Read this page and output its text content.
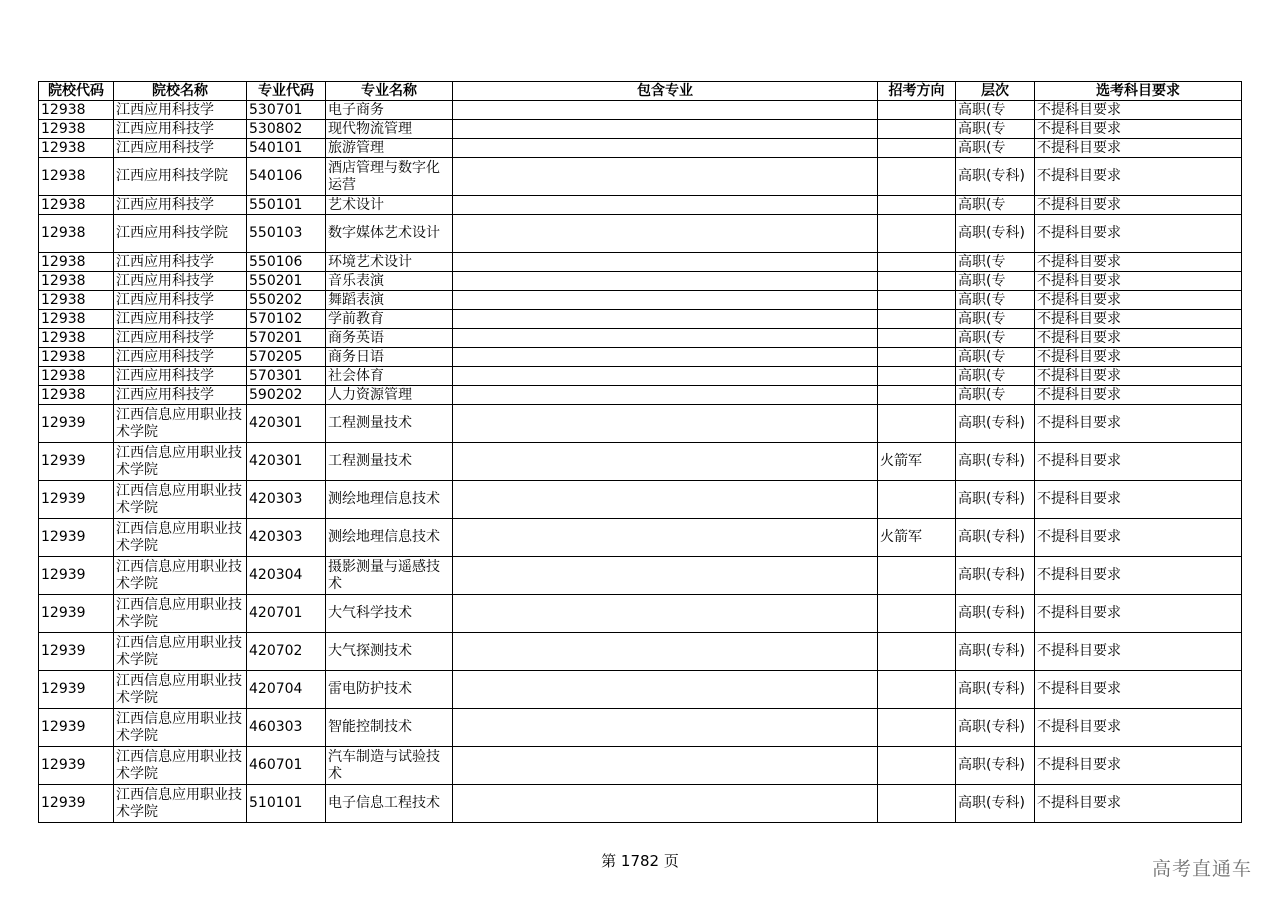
院校代码	院校名称	专业代码	专业名称	包含专业	招考方向	层次	选考科目要求
12938	江西应用科技学	530701	电子商务			高职(专	不提科目要求
12938	江西应用科技学	530802	现代物流管理			高职(专	不提科目要求
12938	江西应用科技学	540101	旅游管理			高职(专	不提科目要求
12938	江西应用科技学院	540106	酒店管理与数字化运营			高职(专科)	不提科目要求
12938	江西应用科技学	550101	艺术设计			高职(专	不提科目要求
12938	江西应用科技学院	550103	数字媒体艺术设计			高职(专科)	不提科目要求
12938	江西应用科技学	550106	环境艺术设计			高职(专	不提科目要求
12938	江西应用科技学	550201	音乐表演			高职(专	不提科目要求
12938	江西应用科技学	550202	舞蹈表演			高职(专	不提科目要求
12938	江西应用科技学	570102	学前教育			高职(专	不提科目要求
12938	江西应用科技学	570201	商务英语			高职(专	不提科目要求
12938	江西应用科技学	570205	商务日语			高职(专	不提科目要求
12938	江西应用科技学	570301	社会体育			高职(专	不提科目要求
12938	江西应用科技学	590202	人力资源管理			高职(专	不提科目要求
12939	江西信息应用职业技术学院	420301	工程测量技术			高职(专科)	不提科目要求
12939	江西信息应用职业技术学院	420301	工程测量技术		火箭军	高职(专科)	不提科目要求
12939	江西信息应用职业技术学院	420303	测绘地理信息技术			高职(专科)	不提科目要求
12939	江西信息应用职业技术学院	420303	测绘地理信息技术		火箭军	高职(专科)	不提科目要求
12939	江西信息应用职业技术学院	420304	摄影测量与遥感技术			高职(专科)	不提科目要求
12939	江西信息应用职业技术学院	420701	大气科学技术			高职(专科)	不提科目要求
12939	江西信息应用职业技术学院	420702	大气探测技术			高职(专科)	不提科目要求
12939	江西信息应用职业技术学院	420704	雷电防护技术			高职(专科)	不提科目要求
12939	江西信息应用职业技术学院	460303	智能控制技术			高职(专科)	不提科目要求
12939	江西信息应用职业技术学院	460701	汽车制造与试验技术			高职(专科)	不提科目要求
12939	江西信息应用职业技术学院	510101	电子信息工程技术			高职(专科)	不提科目要求
第 1782 页	高考直通车
